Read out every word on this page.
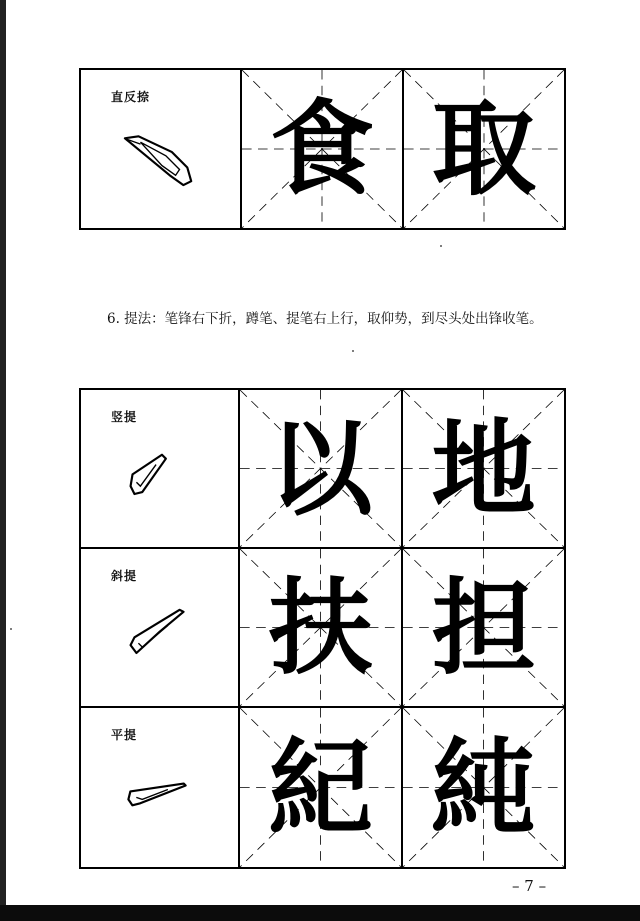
直反捺 食 取
6. 提法：笔锋右下折，蹲笔、提笔右上行，取仰势，到尽头处出锋收笔。
竖提 以 地
斜提 扶 担
平提 紀 純
– 7 –
